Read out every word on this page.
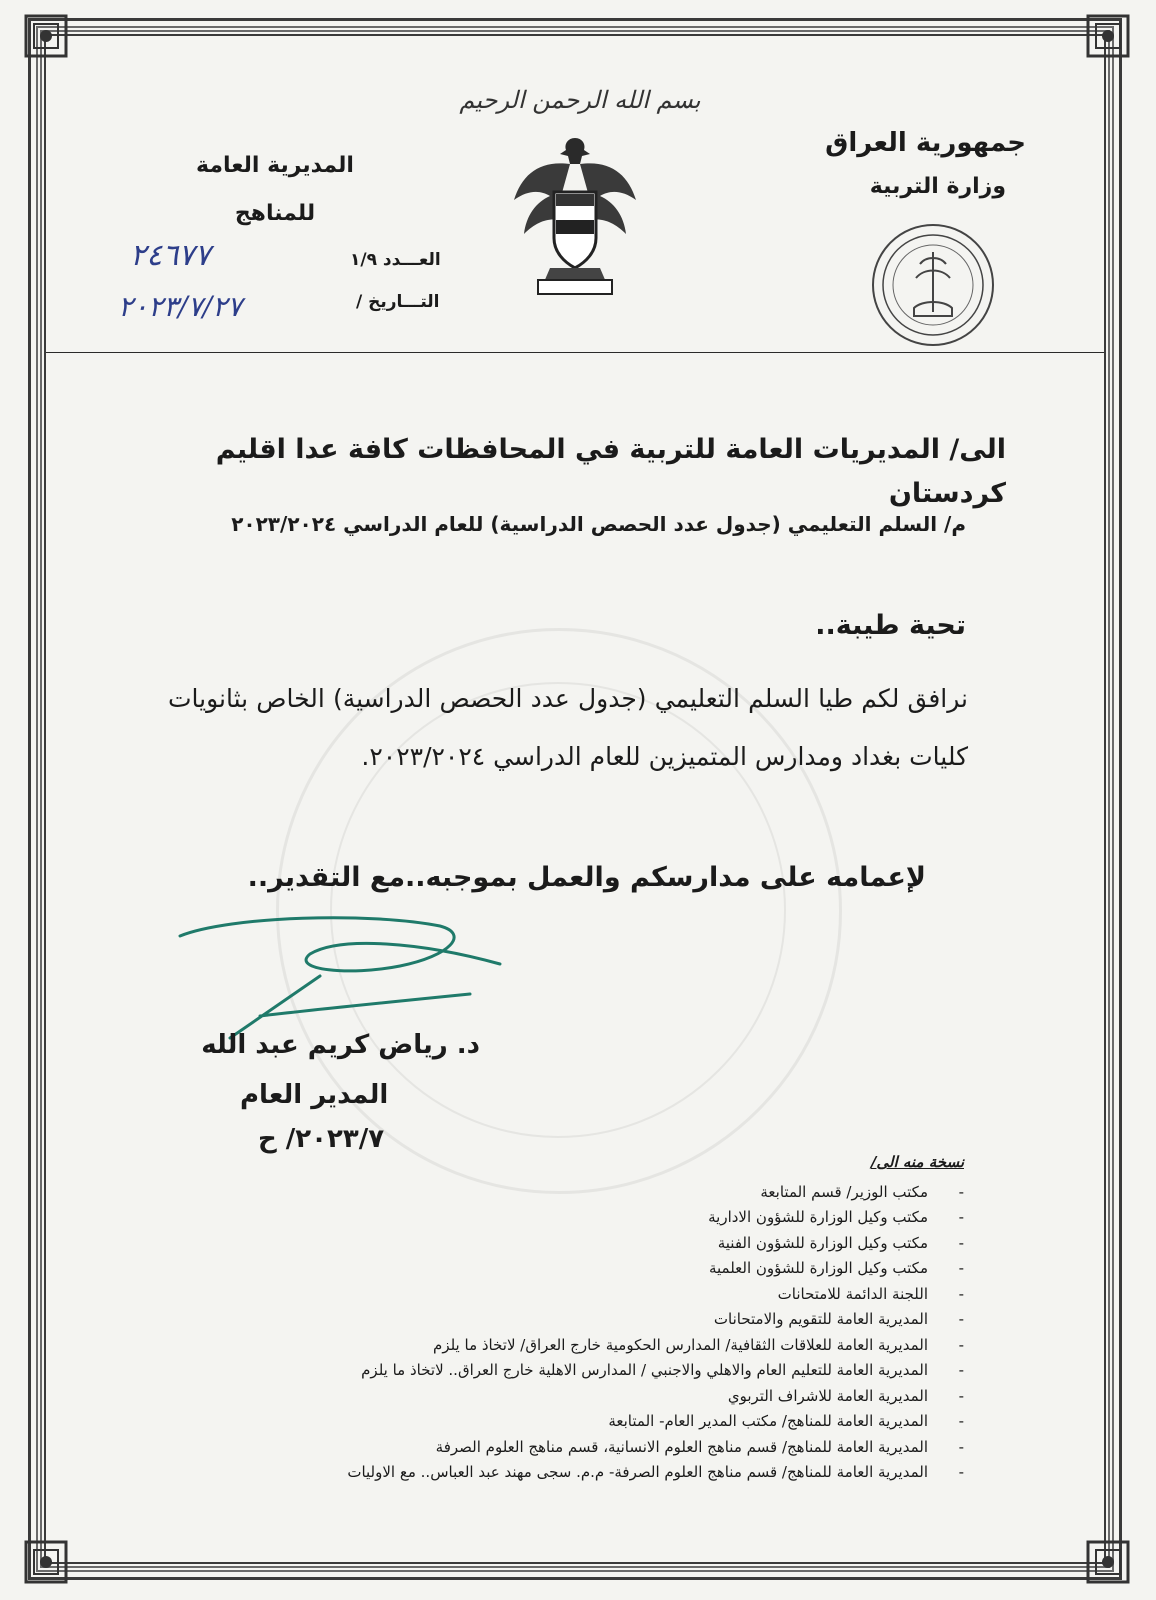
بسم الله الرحمن الرحيم

جمهورية العراق

وزارة التربية

المديرية العامة
للمناهج
العـــدد ١/٩
التـــاريخ /
٢٤٦٧٧
٢٠٢٣/٧/٢٧
الى/ المديريات العامة للتربية في المحافظات كافة عدا اقليم كردستان
م/ السلم التعليمي (جدول عدد الحصص الدراسية) للعام الدراسي ٢٠٢٣/٢٠٢٤
تحية طيبة..
نرافق لكم طيا السلم التعليمي (جدول عدد الحصص الدراسية) الخاص بثانويات كليات بغداد ومدارس المتميزين للعام الدراسي ٢٠٢٣/٢٠٢٤.
لإعمامه على مدارسكم والعمل بموجبه..مع التقدير..
د. رياض كريم عبد الله
المدير العام
٢٠٢٣/٧/ ح
نسخة منه الى/
- مكتب الوزير/ قسم المتابعة
- مكتب وكيل الوزارة للشؤون الادارية
- مكتب وكيل الوزارة للشؤون الفنية
- مكتب وكيل الوزارة للشؤون العلمية
- اللجنة الدائمة للامتحانات
- المديرية العامة للتقويم والامتحانات
- المديرية العامة للعلاقات الثقافية/ المدارس الحكومية خارج العراق/ لاتخاذ ما يلزم
- المديرية العامة للتعليم العام والاهلي والاجنبي / المدارس الاهلية خارج العراق.. لاتخاذ ما يلزم
- المديرية العامة للاشراف التربوي
- المديرية العامة للمناهج/ مكتب المدير العام- المتابعة
- المديرية العامة للمناهج/ قسم مناهج العلوم الانسانية، قسم مناهج العلوم الصرفة
- المديرية العامة للمناهج/ قسم مناهج العلوم الصرفة- م.م. سجى مهند عبد العباس.. مع الاوليات
